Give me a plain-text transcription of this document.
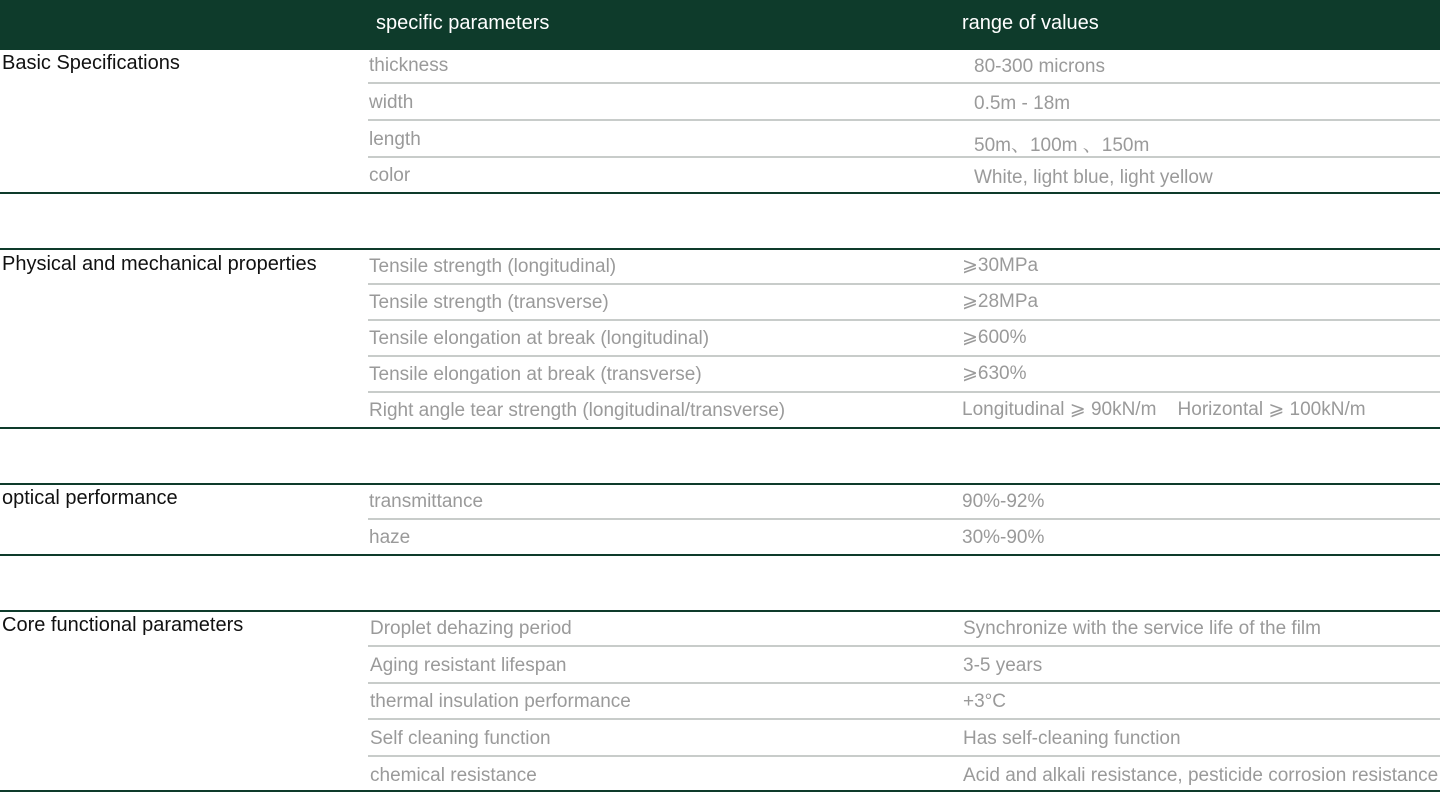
specific parameters	range of values
Basic Specifications	thickness	80-300 microns
width	0.5m - 18m
length	50m、100m 、150m
color	White, light blue, light yellow
Physical and mechanical properties	Tensile strength (longitudinal)	⩾30MPa
Tensile strength (transverse)	⩾28MPa
Tensile elongation at break (longitudinal)	⩾600%
Tensile elongation at break (transverse)	⩾630%
Right angle tear strength (longitudinal/transverse)	Longitudinal ⩾ 90kN/m    Horizontal ⩾ 100kN/m
optical performance	transmittance	90%-92%
haze	30%-90%
Core functional parameters	Droplet dehazing period	Synchronize with the service life of the film
Aging resistant lifespan	3-5 years
thermal insulation performance	+3°C
Self cleaning function	Has self-cleaning function
chemical resistance	Acid and alkali resistance, pesticide corrosion resistance
